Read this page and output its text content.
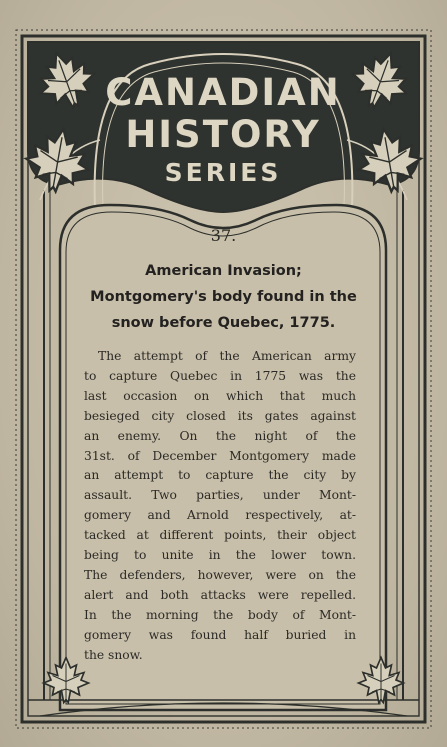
CANADIAN
HISTORY
SERIES
37.
American Invasion;
Montgomery's body found in the
snow before Quebec, 1775.
The attempt of the American army
to capture Quebec in 1775 was the
last occasion on which that much
besieged city closed its gates against
an enemy. On the night of the
31st. of December Montgomery made
an attempt to capture the city by
assault. Two parties, under Mont-
gomery and Arnold respectively, at-
tacked at different points, their object
being to unite in the lower town.
The defenders, however, were on the
alert and both attacks were repelled.
In the morning the body of Mont-
gomery was found half buried in
the snow.
